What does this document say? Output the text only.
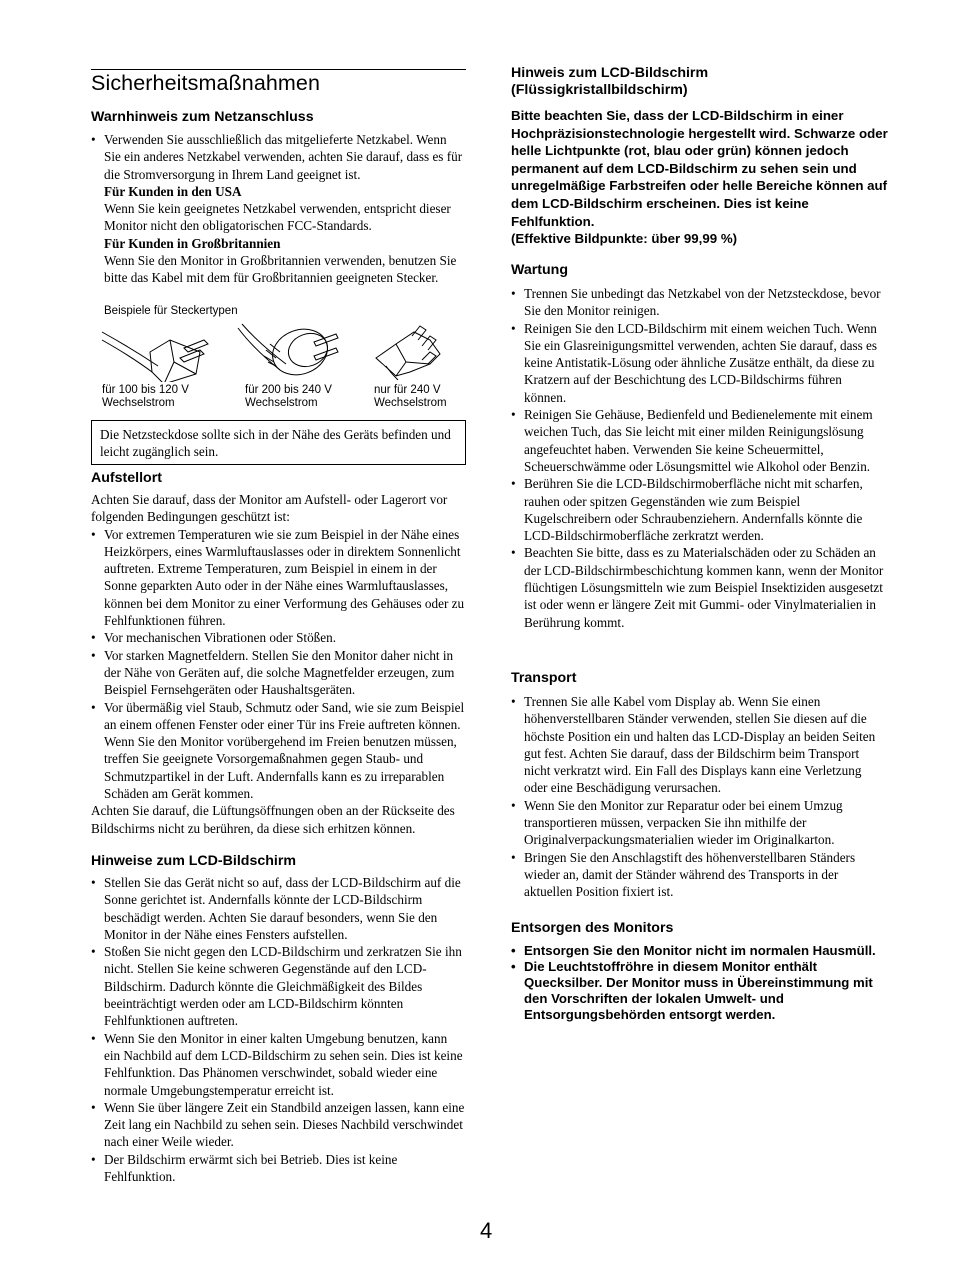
Sicherheitsmaßnahmen
Warnhinweis zum Netzanschluss

• Verwenden Sie ausschließlich das mitgelieferte Netzkabel. Wenn Sie ein anderes Netzkabel verwenden, achten Sie darauf, dass es für die Stromversorgung in Ihrem Land geeignet ist.

Für Kunden in den USA

Wenn Sie kein geeignetes Netzkabel verwenden, entspricht dieser Monitor nicht den obligatorischen FCC-Standards.

Für Kunden in Großbritannien

Wenn Sie den Monitor in Großbritannien verwenden, benutzen Sie bitte das Kabel mit dem für Großbritannien geeigneten Stecker.

Beispiele für Steckertypen
für 100 bis 120 V
Wechselstrom
für 200 bis 240 V
Wechselstrom
nur für 240 V
Wechselstrom

Die Netzsteckdose sollte sich in der Nähe des Geräts befinden und leicht zugänglich sein.

Aufstellort

Achten Sie darauf, dass der Monitor am Aufstell- oder Lagerort vor folgenden Bedingungen geschützt ist:

• Vor extremen Temperaturen wie sie zum Beispiel in der Nähe eines Heizkörpers, eines Warmluftauslasses oder in direktem Sonnenlicht auftreten. Extreme Temperaturen, zum Beispiel in einem in der Sonne geparkten Auto oder in der Nähe eines Warmluftauslasses, können bei dem Monitor zu einer Verformung des Gehäuses oder zu Fehlfunktionen führen.
• Vor mechanischen Vibrationen oder Stößen.
• Vor starken Magnetfeldern. Stellen Sie den Monitor daher nicht in der Nähe von Geräten auf, die solche Magnetfelder erzeugen, zum Beispiel Fernsehgeräten oder Haushaltsgeräten.
• Vor übermäßig viel Staub, Schmutz oder Sand, wie sie zum Beispiel an einem offenen Fenster oder einer Tür ins Freie auftreten können. Wenn Sie den Monitor vorübergehend im Freien benutzen müssen, treffen Sie geeignete Vorsorgemaßnahmen gegen Staub- und Schmutzpartikel in der Luft. Andernfalls kann es zu irreparablen Schäden am Gerät kommen.

Achten Sie darauf, die Lüftungsöffnungen oben an der Rückseite des Bildschirms nicht zu berühren, da diese sich erhitzen können.

Hinweise zum LCD-Bildschirm
• Stellen Sie das Gerät nicht so auf, dass der LCD-Bildschirm auf die Sonne gerichtet ist. Andernfalls könnte der LCD-Bildschirm beschädigt werden. Achten Sie darauf besonders, wenn Sie den Monitor in der Nähe eines Fensters aufstellen.
• Stoßen Sie nicht gegen den LCD-Bildschirm und zerkratzen Sie ihn nicht. Stellen Sie keine schweren Gegenstände auf den LCD-Bildschirm. Dadurch könnte die Gleichmäßigkeit des Bildes beeinträchtigt werden oder am LCD-Bildschirm könnten Fehlfunktionen auftreten.
• Wenn Sie den Monitor in einer kalten Umgebung benutzen, kann ein Nachbild auf dem LCD-Bildschirm zu sehen sein. Dies ist keine Fehlfunktion. Das Phänomen verschwindet, sobald wieder eine normale Umgebungstemperatur erreicht ist.
• Wenn Sie über längere Zeit ein Standbild anzeigen lassen, kann eine Zeit lang ein Nachbild zu sehen sein. Dieses Nachbild verschwindet nach einer Weile wieder.
• Der Bildschirm erwärmt sich bei Betrieb. Dies ist keine Fehlfunktion.
Hinweis zum LCD-Bildschirm
(Flüssigkristallbildschirm)

Bitte beachten Sie, dass der LCD-Bildschirm in einer Hochpräzisionstechnologie hergestellt wird. Schwarze oder helle Lichtpunkte (rot, blau oder grün) können jedoch permanent auf dem LCD-Bildschirm zu sehen sein und unregelmäßige Farbstreifen oder helle Bereiche können auf dem LCD-Bildschirm erscheinen. Dies ist keine Fehlfunktion.

(Effektive Bildpunkte: über 99,99 %)

Wartung
• Trennen Sie unbedingt das Netzkabel von der Netzsteckdose, bevor Sie den Monitor reinigen.
• Reinigen Sie den LCD-Bildschirm mit einem weichen Tuch. Wenn Sie ein Glasreinigungsmittel verwenden, achten Sie darauf, dass es keine Antistatik-Lösung oder ähnliche Zusätze enthält, da diese zu Kratzern auf der Beschichtung des LCD-Bildschirms führen können.
• Reinigen Sie Gehäuse, Bedienfeld und Bedienelemente mit einem weichen Tuch, das Sie leicht mit einer milden Reinigungslösung angefeuchtet haben. Verwenden Sie keine Scheuermittel, Scheuerschwämme oder Lösungsmittel wie Alkohol oder Benzin.
• Berühren Sie die LCD-Bildschirmoberfläche nicht mit scharfen, rauhen oder spitzen Gegenständen wie zum Beispiel Kugelschreibern oder Schraubenziehern. Andernfalls könnte die LCD-Bildschirmoberfläche zerkratzt werden.
• Beachten Sie bitte, dass es zu Materialschäden oder zu Schäden an der LCD-Bildschirmbeschichtung kommen kann, wenn der Monitor flüchtigen Lösungsmitteln wie zum Beispiel Insektiziden ausgesetzt ist oder wenn er längere Zeit mit Gummi- oder Vinylmaterialien in Berührung kommt.
Transport
• Trennen Sie alle Kabel vom Display ab. Wenn Sie einen höhenverstellbaren Ständer verwenden, stellen Sie diesen auf die höchste Position ein und halten das LCD-Display an beiden Seiten gut fest. Achten Sie darauf, dass der Bildschirm beim Transport nicht verkratzt wird. Ein Fall des Displays kann eine Verletzung oder eine Beschädigung verursachen.
• Wenn Sie den Monitor zur Reparatur oder bei einem Umzug transportieren müssen, verpacken Sie ihn mithilfe der Originalverpackungsmaterialien wieder im Originalkarton.
• Bringen Sie den Anschlagstift des höhenverstellbaren Ständers wieder an, damit der Ständer während des Transports in der aktuellen Position fixiert ist.
Entsorgen des Monitors
• Entsorgen Sie den Monitor nicht im normalen Hausmüll.
• Die Leuchtstoffröhre in diesem Monitor enthält Quecksilber. Der Monitor muss in Übereinstimmung mit den Vorschriften der lokalen Umwelt- und Entsorgungsbehörden entsorgt werden.
4
